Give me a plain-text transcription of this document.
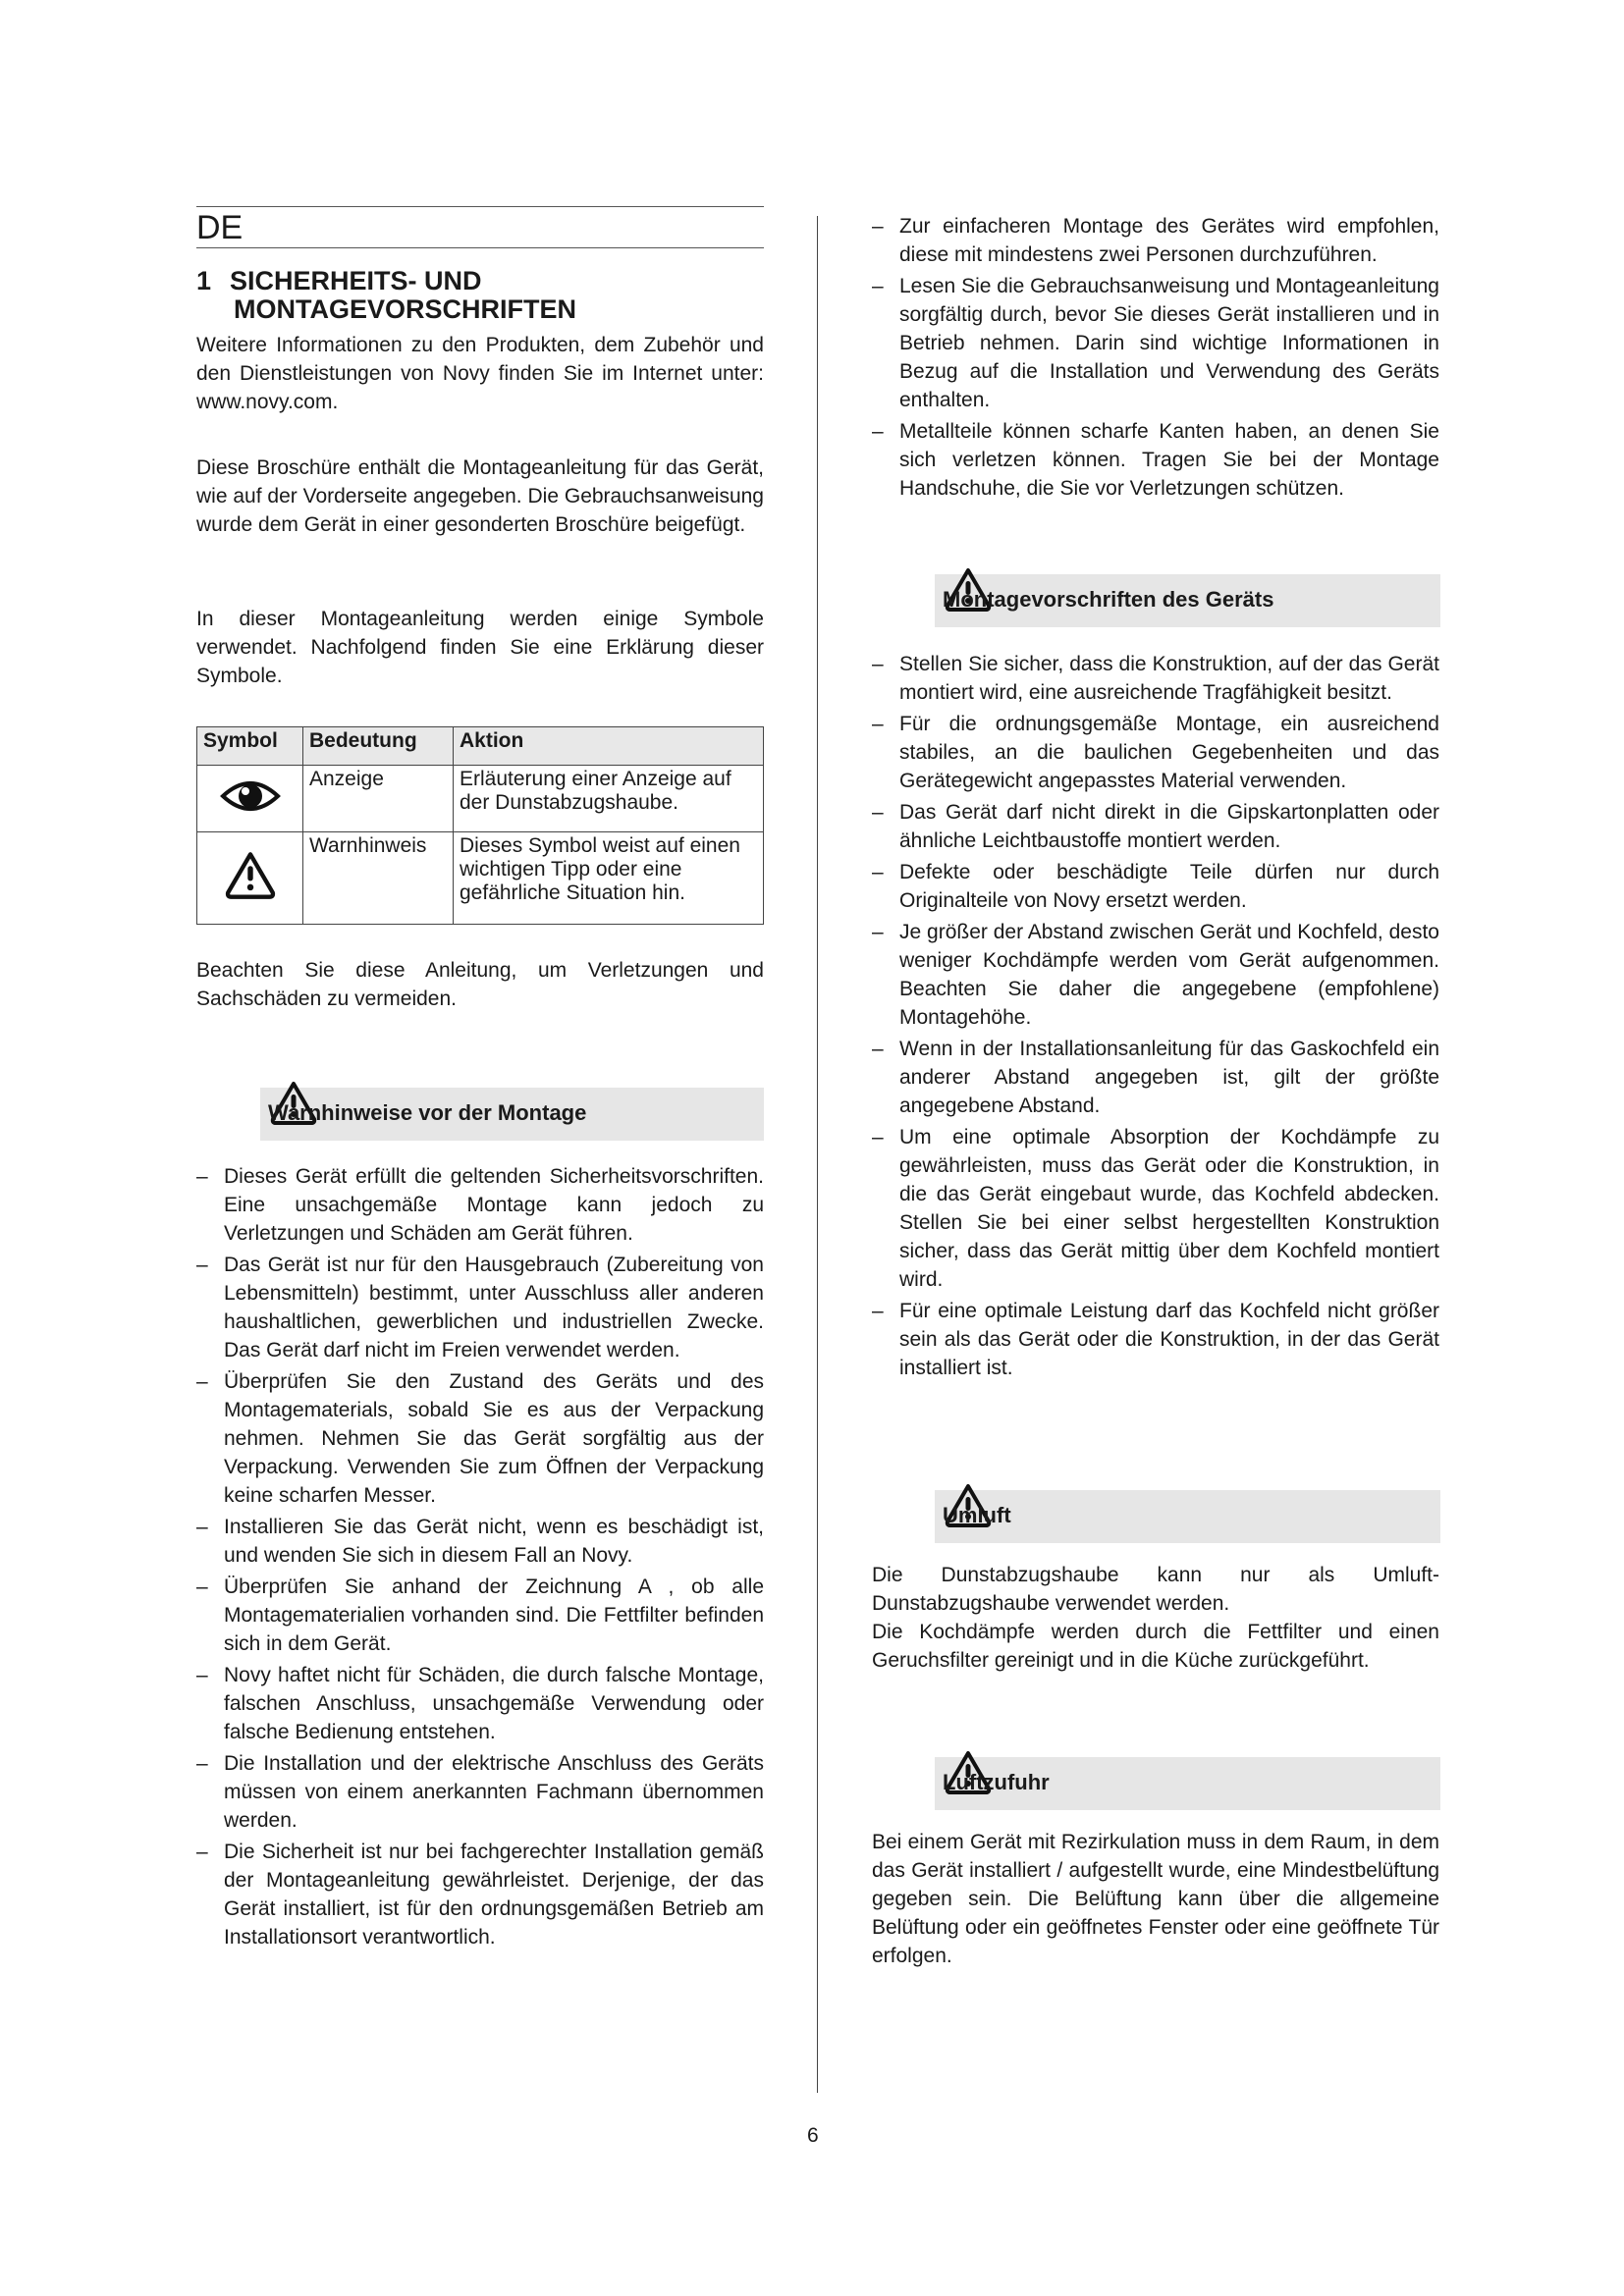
DE
1 SICHERHEITS- UND
MONTAGEVORSCHRIFTEN

Weitere Informationen zu den Produkten, dem Zubehör und den Dienstleistungen von Novy finden Sie im Internet unter: www.novy.com.

Diese Broschüre enthält die Montageanleitung für das Gerät, wie auf der Vorderseite angegeben. Die Gebrauchsanweisung wurde dem Gerät in einer gesonderten Broschüre beigefügt.

In dieser Montageanleitung werden einige Symbole verwendet. Nachfolgend finden Sie eine Erklärung dieser Symbole.

Symbol	Bedeutung	Aktion
	Anzeige	Erläuterung einer Anzeige auf der Dunstabzugshaube.
	Warnhinweis	Dieses Symbol weist auf einen wichtigen Tipp oder eine gefährliche Situation hin.

Beachten Sie diese Anleitung, um Verletzungen und Sachschäden zu vermeiden.

Warnhinweise vor der Montage
– Dieses Gerät erfüllt die geltenden Sicherheitsvorschriften. Eine unsachgemäße Montage kann jedoch zu Verletzungen und Schäden am Gerät führen.
– Das Gerät ist nur für den Hausgebrauch (Zubereitung von Lebensmitteln) bestimmt, unter Ausschluss aller anderen haushaltlichen, gewerblichen und industriellen Zwecke. Das Gerät darf nicht im Freien verwendet werden.
– Überprüfen Sie den Zustand des Geräts und des Montagematerials, sobald Sie es aus der Verpackung nehmen. Nehmen Sie das Gerät sorgfältig aus der Verpackung. Verwenden Sie zum Öffnen der Verpackung keine scharfen Messer.
– Installieren Sie das Gerät nicht, wenn es beschädigt ist, und wenden Sie sich in diesem Fall an Novy.
– Überprüfen Sie anhand der Zeichnung A , ob alle Montagematerialien vorhanden sind. Die Fettfilter befinden sich in dem Gerät.
– Novy haftet nicht für Schäden, die durch falsche Montage, falschen Anschluss, unsachgemäße Verwendung oder falsche Bedienung entstehen.
– Die Installation und der elektrische Anschluss des Geräts müssen von einem anerkannten Fachmann übernommen werden.
– Die Sicherheit ist nur bei fachgerechter Installation gemäß der Montageanleitung gewährleistet. Derjenige, der das Gerät installiert, ist für den ordnungsgemäßen Betrieb am Installationsort verantwortlich.
– Zur einfacheren Montage des Gerätes wird empfohlen, diese mit mindestens zwei Personen durchzuführen.
– Lesen Sie die Gebrauchsanweisung und Montageanleitung sorgfältig durch, bevor Sie dieses Gerät installieren und in Betrieb nehmen. Darin sind wichtige Informationen in Bezug auf die Installation und Verwendung des Geräts enthalten.
– Metallteile können scharfe Kanten haben, an denen Sie sich verletzen können. Tragen Sie bei der Montage Handschuhe, die Sie vor Verletzungen schützen.
Montagevorschriften des Geräts
– Stellen Sie sicher, dass die Konstruktion, auf der das Gerät montiert wird, eine ausreichende Tragfähigkeit besitzt.
– Für die ordnungsgemäße Montage, ein ausreichend stabiles, an die baulichen Gegebenheiten und das Gerätegewicht angepasstes Material verwenden.
– Das Gerät darf nicht direkt in die Gipskartonplatten oder ähnliche Leichtbaustoffe montiert werden.
– Defekte oder beschädigte Teile dürfen nur durch Originalteile von Novy ersetzt werden.
– Je größer der Abstand zwischen Gerät und Kochfeld, desto weniger Kochdämpfe werden vom Gerät aufgenommen. Beachten Sie daher die angegebene (empfohlene) Montagehöhe.
– Wenn in der Installationsanleitung für das Gaskochfeld ein anderer Abstand angegeben ist, gilt der größte angegebene Abstand.
– Um eine optimale Absorption der Kochdämpfe zu gewährleisten, muss das Gerät oder die Konstruktion, in die das Gerät eingebaut wurde, das Kochfeld abdecken. Stellen Sie bei einer selbst hergestellten Konstruktion sicher, dass das Gerät mittig über dem Kochfeld montiert wird.
– Für eine optimale Leistung darf das Kochfeld nicht größer sein als das Gerät oder die Konstruktion, in der das Gerät installiert ist.
Umluft

Die Dunstabzugshaube kann nur als Umluft-Dunstabzugshaube verwendet werden.

Die Kochdämpfe werden durch die Fettfilter und einen Geruchsfilter gereinigt und in die Küche zurückgeführt.

Luftzufuhr

Bei einem Gerät mit Rezirkulation muss in dem Raum, in dem das Gerät installiert / aufgestellt wurde, eine Mindestbelüftung gegeben sein. Die Belüftung kann über die allgemeine Belüftung oder ein geöffnetes Fenster oder eine geöffnete Tür erfolgen.

6
